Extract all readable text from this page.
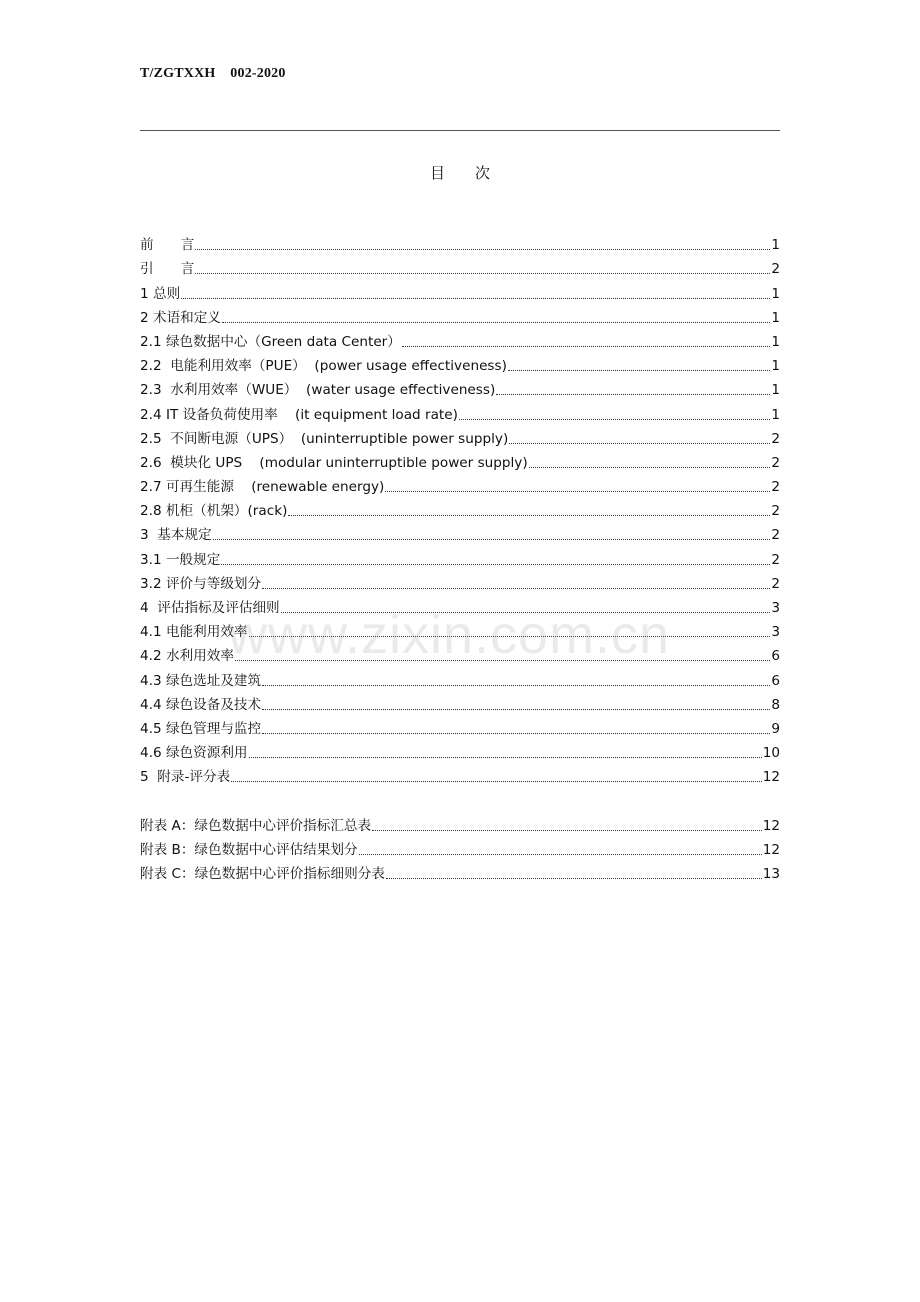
T/ZGTXXH    002-2020
目　　次
前　　言	1
引　　言	2
1 总则	1
2 术语和定义	1
2.1 绿色数据中心（Green data Center）	1
2.2  电能利用效率（PUE）  (power usage effectiveness)	1
2.3  水利用效率（WUE）  (water usage effectiveness)	1
2.4 IT 设备负荷使用率    (it equipment load rate)	1
2.5  不间断电源（UPS）  (uninterruptible power supply)	2
2.6  模块化 UPS    (modular uninterruptible power supply)	2
2.7 可再生能源    (renewable energy)	2
2.8 机柜（机架）(rack)	2
3  基本规定	2
3.1 一般规定	2
3.2 评价与等级划分	2
4  评估指标及评估细则	3
4.1 电能利用效率	3
4.2 水利用效率	6
4.3 绿色选址及建筑	6
4.4 绿色设备及技术	8
4.5 绿色管理与监控	9
4.6 绿色资源利用	10
5  附录-评分表	12
附表 A：绿色数据中心评价指标汇总表	12
附表 B：绿色数据中心评估结果划分	12
附表 C：绿色数据中心评价指标细则分表	13
www.zixin.com.cn
